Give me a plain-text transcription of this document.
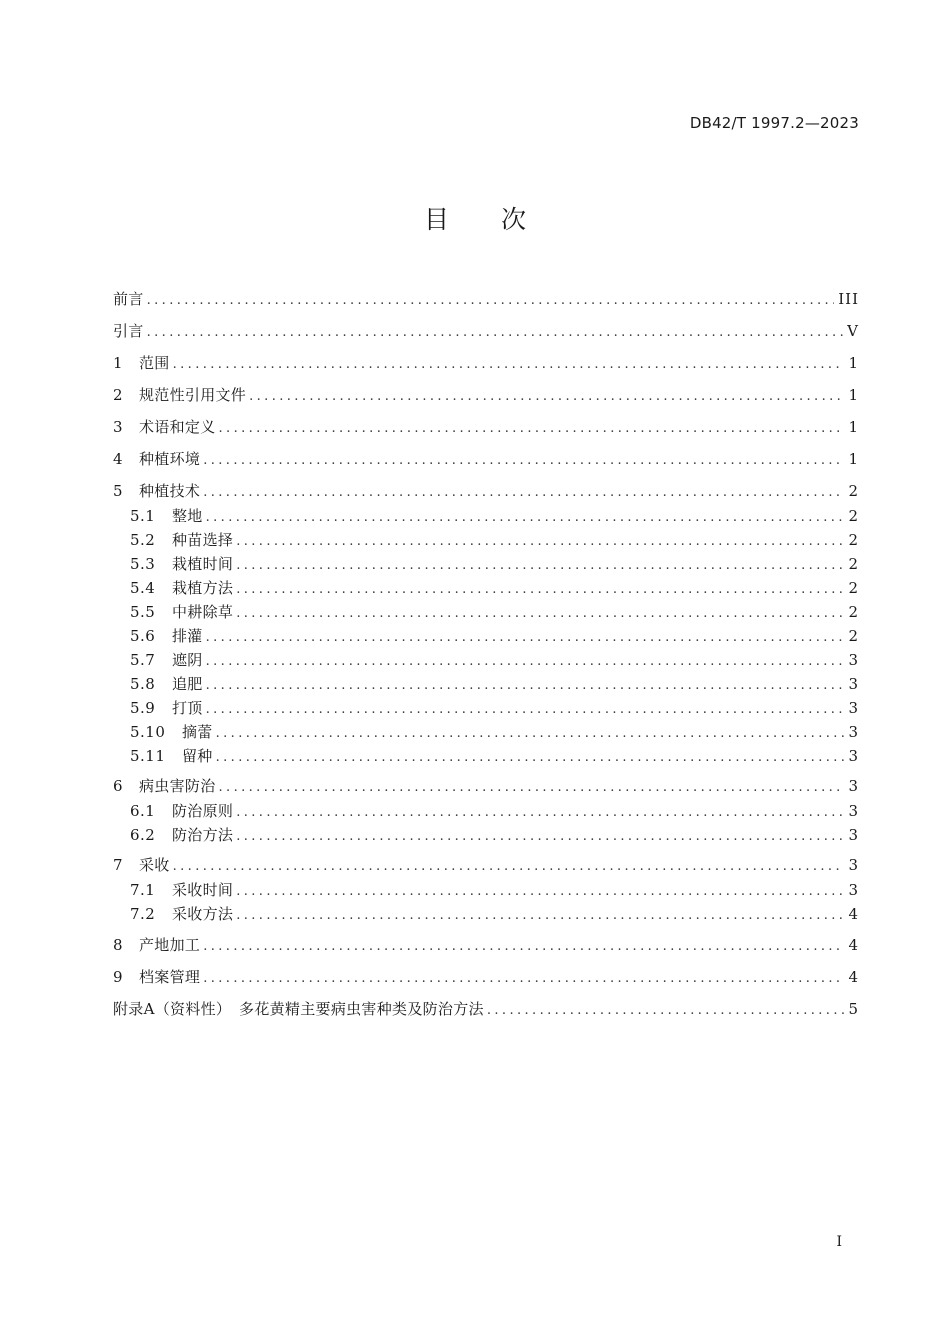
DB42/T 1997.2—2023
目 次
前言 .....	III
引言 .....	V
1	范围 .....	1
2	规范性引用文件 .....	1
3	术语和定义 .....	1
4	种植环境 .....	1
5	种植技术 .....	2
5.1	整地 .....	2
5.2	种苗选择 .....	2
5.3	栽植时间 .....	2
5.4	栽植方法 .....	2
5.5	中耕除草 .....	2
5.6	排灌 .....	2
5.7	遮阴 .....	3
5.8	追肥 .....	3
5.9	打顶 .....	3
5.10	摘蕾 .....	3
5.11	留种 .....	3
6	病虫害防治 .....	3
6.1	防治原则 .....	3
6.2	防治方法 .....	3
7	采收 .....	3
7.1	采收时间 .....	3
7.2	采收方法 .....	4
8	产地加工 .....	4
9	档案管理 .....	4
附录A（资料性）　多花黄精主要病虫害种类及防治方法 .....	5
I
